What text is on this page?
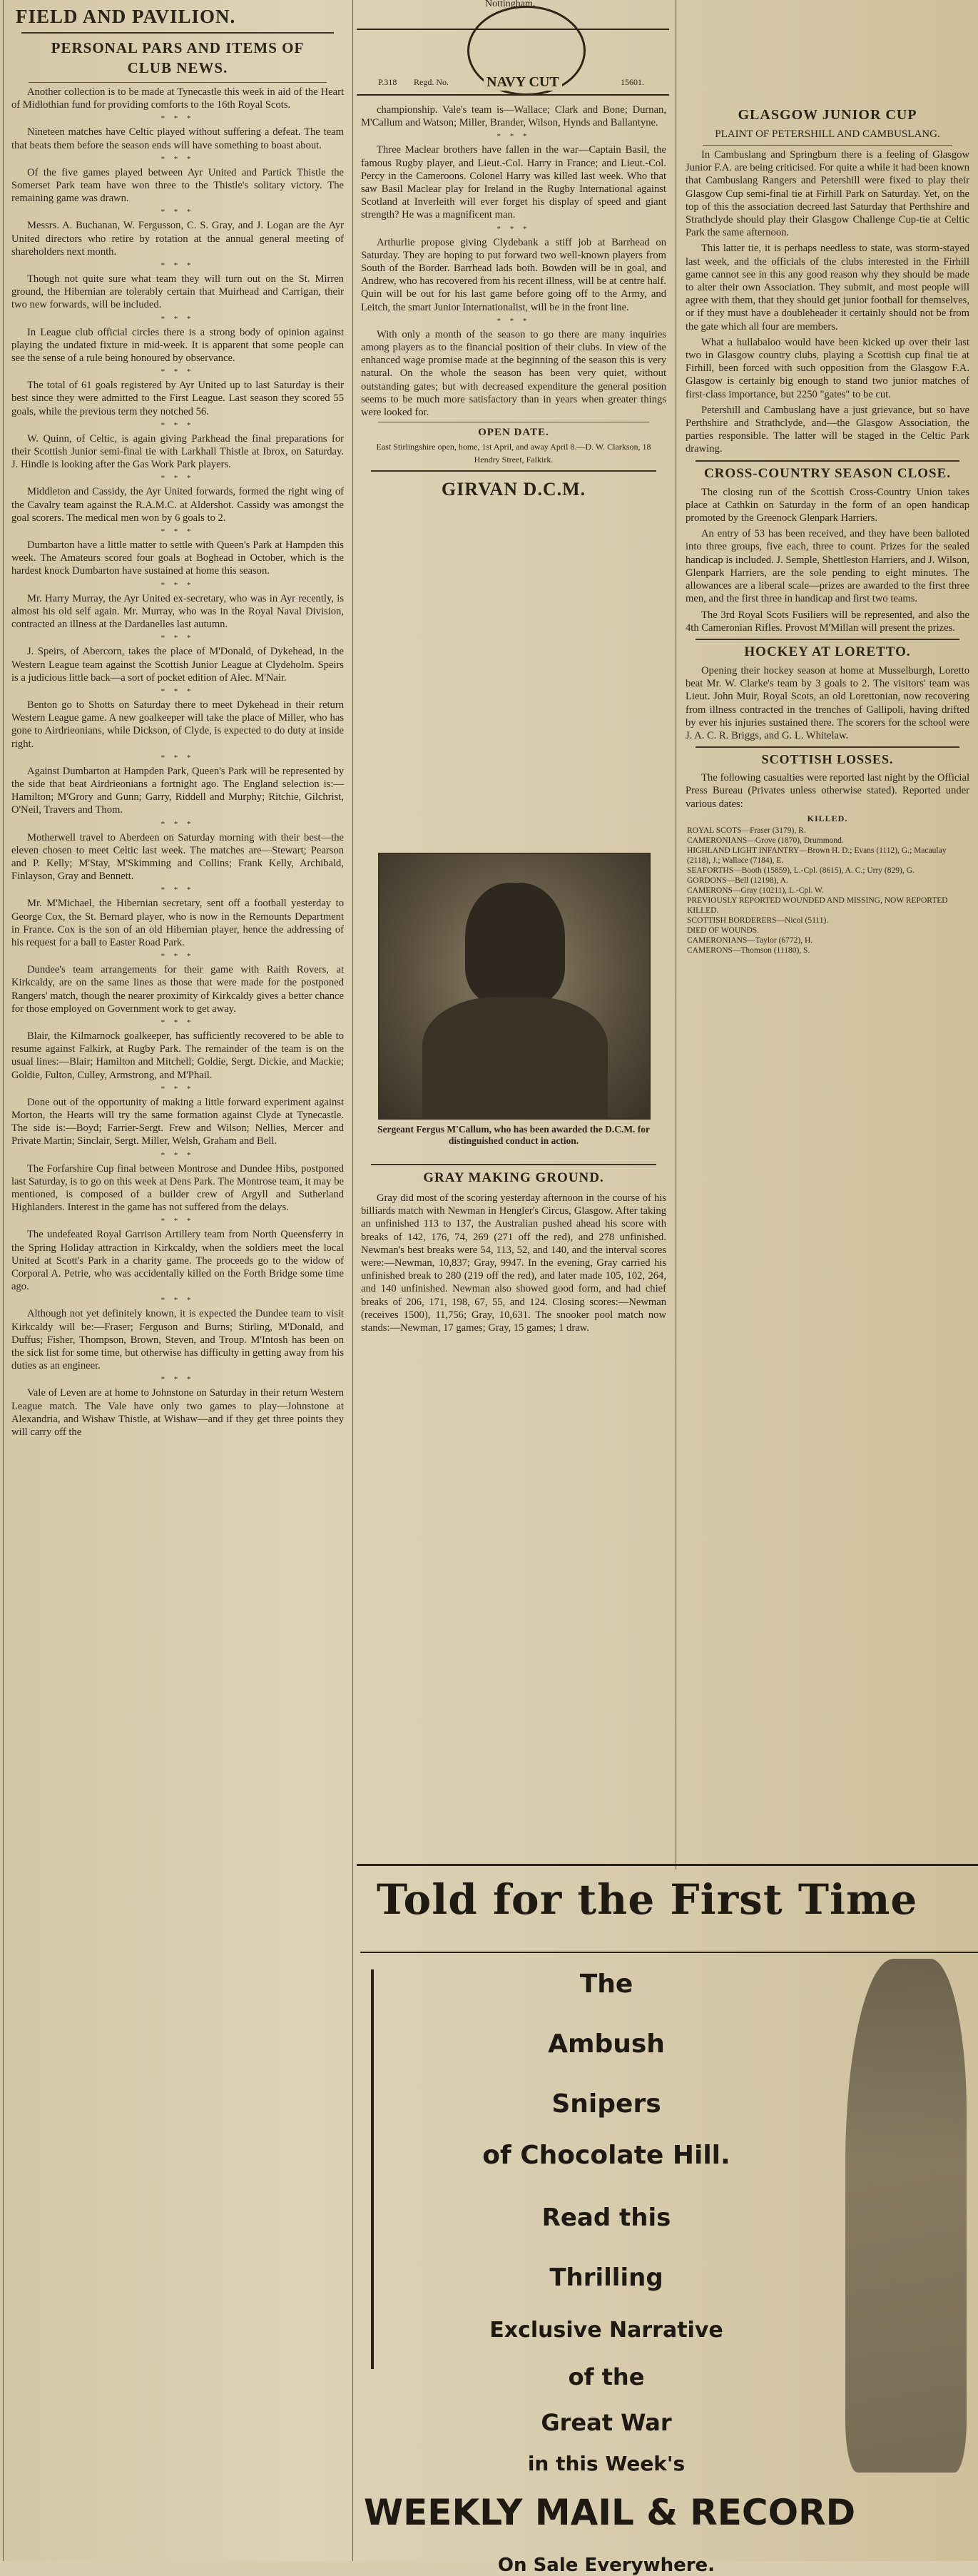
FIELD AND PAVILION.
PERSONAL PARS AND ITEMS OF CLUB NEWS.
Another collection is to be made at Tynecastle this week in aid of the Heart of Midlothian fund for providing comforts to the 16th Royal Scots.
* * *
Nineteen matches have Celtic played without suffering a defeat. The team that beats them before the season ends will have something to boast about.
* * *
Of the five games played between Ayr United and Partick Thistle the Somerset Park team have won three to the Thistle's solitary victory. The remaining game was drawn.
* * *
Messrs. A. Buchanan, W. Fergusson, C. S. Gray, and J. Logan are the Ayr United directors who retire by rotation at the annual general meeting of shareholders next month.
* * *
Though not quite sure what team they will turn out on the St. Mirren ground, the Hibernian are tolerably certain that Muirhead and Carrigan, their two new forwards, will be included.
* * *
In League club official circles there is a strong body of opinion against playing the undated fixture in mid-week. It is apparent that some people can see the sense of a rule being honoured by observance.
* * *
The total of 61 goals registered by Ayr United up to last Saturday is their best since they were admitted to the First League. Last season they scored 55 goals, while the previous term they notched 56.
* * *
W. Quinn, of Celtic, is again giving Parkhead the final preparations for their Scottish Junior semi-final tie with Larkhall Thistle at Ibrox, on Saturday. J. Hindle is looking after the Gas Work Park players.
* * *
Middleton and Cassidy, the Ayr United forwards, formed the right wing of the Cavalry team against the R.A.M.C. at Aldershot. Cassidy was amongst the goal scorers. The medical men won by 6 goals to 2.
* * *
Dumbarton have a little matter to settle with Queen's Park at Hampden this week. The Amateurs scored four goals at Boghead in October, which is the hardest knock Dumbarton have sustained at home this season.
* * *
Mr. Harry Murray, the Ayr United ex-secretary, who was in Ayr recently, is almost his old self again. Mr. Murray, who was in the Royal Naval Division, contracted an illness at the Dardanelles last autumn.
* * *
J. Speirs, of Abercorn, takes the place of M'Donald, of Dykehead, in the Western League team against the Scottish Junior League at Clydeholm. Speirs is a judicious little back—a sort of pocket edition of Alec. M'Nair.
* * *
Benton go to Shotts on Saturday there to meet Dykehead in their return Western League game. A new goalkeeper will take the place of Miller, who has gone to Airdrieonians, while Dickson, of Clyde, is expected to do duty at inside right.
* * *
Against Dumbarton at Hampden Park, Queen's Park will be represented by the side that beat Airdrieonians a fortnight ago. The England selection is:—Hamilton; M'Grory and Gunn; Garry, Riddell and Murphy; Ritchie, Gilchrist, O'Neil, Travers and Thom.
* * *
Motherwell travel to Aberdeen on Saturday morning with their best—the eleven chosen to meet Celtic last week. The matches are—Stewart; Pearson and P. Kelly; M'Stay, M'Skimming and Collins; Frank Kelly, Archibald, Finlayson, Gray and Bennett.
* * *
Mr. M'Michael, the Hibernian secretary, sent off a football yesterday to George Cox, the St. Bernard player, who is now in the Remounts Department in France. Cox is the son of an old Hibernian player, hence the addressing of his request for a ball to Easter Road Park.
* * *
Dundee's team arrangements for their game with Raith Rovers, at Kirkcaldy, are on the same lines as those that were made for the postponed Rangers' match, though the nearer proximity of Kirkcaldy gives a better chance for those employed on Government work to get away.
* * *
Blair, the Kilmarnock goalkeeper, has sufficiently recovered to be able to resume against Falkirk, at Rugby Park. The remainder of the team is on the usual lines:—Blair; Hamilton and Mitchell; Goldie, Sergt. Dickie, and Mackie; Goldie, Fulton, Culley, Armstrong, and M'Phail.
* * *
Done out of the opportunity of making a little forward experiment against Morton, the Hearts will try the same formation against Clyde at Tynecastle. The side is:—Boyd; Farrier-Sergt. Frew and Wilson; Nellies, Mercer and Private Martin; Sinclair, Sergt. Miller, Welsh, Graham and Bell.
* * *
The Forfarshire Cup final between Montrose and Dundee Hibs, postponed last Saturday, is to go on this week at Dens Park. The Montrose team, it may be mentioned, is composed of a builder crew of Argyll and Sutherland Highlanders. Interest in the game has not suffered from the delays.
* * *
The undefeated Royal Garrison Artillery team from North Queensferry in the Spring Holiday attraction in Kirkcaldy, when the soldiers meet the local United at Scott's Park in a charity game. The proceeds go to the widow of Corporal A. Petrie, who was accidentally killed on the Forth Bridge some time ago.
* * *
Although not yet definitely known, it is expected the Dundee team to visit Kirkcaldy will be:—Fraser; Ferguson and Burns; Stirling, M'Donald, and Duffus; Fisher, Thompson, Brown, Steven, and Troup. M'Intosh has been on the sick list for some time, but otherwise has difficulty in getting away from his duties as an engineer.
* * *
Vale of Leven are at home to Johnstone on Saturday in their return Western League match. The Vale have only two games to play—Johnstone at Alexandria, and Wishaw Thistle, at Wishaw—and if they get three points they will carry off the
Nottingham.
NAVY CUT
P.318 Regd. No.	15601.
championship. Vale's team is—Wallace; Clark and Bone; Durnan, M'Callum and Watson; Miller, Brander, Wilson, Hynds and Ballantyne.
* * *
Three Maclear brothers have fallen in the war—Captain Basil, the famous Rugby player, and Lieut.-Col. Harry in France; and Lieut.-Col. Percy in the Cameroons. Colonel Harry was killed last week. Who that saw Basil Maclear play for Ireland in the Rugby International against Scotland at Inverleith will ever forget his display of speed and giant strength? He was a magnificent man.
* * *
Arthurlie propose giving Clydebank a stiff job at Barrhead on Saturday. They are hoping to put forward two well-known players from South of the Border. Barrhead lads both. Bowden will be in goal, and Andrew, who has recovered from his recent illness, will be at centre half. Quin will be out for his last game before going off to the Army, and Leitch, the smart Junior Internationalist, will be in the front line.
* * *
With only a month of the season to go there are many inquiries among players as to the financial position of their clubs. In view of the enhanced wage promise made at the beginning of the season this is very natural. On the whole the season has been very quiet, without outstanding gates; but with decreased expenditure the general position seems to be much more satisfactory than in years when greater things were looked for.
OPEN DATE.
East Stirlingshire open, home, 1st April, and away April 8.—D. W. Clarkson, 18 Hendry Street, Falkirk.
GIRVAN D.C.M.
Sergeant Fergus M'Callum, who has been awarded the D.C.M. for distinguished conduct in action.
GRAY MAKING GROUND.
Gray did most of the scoring yesterday afternoon in the course of his billiards match with Newman in Hengler's Circus, Glasgow. After taking an unfinished 113 to 137, the Australian pushed ahead his score with breaks of 142, 176, 74, 269 (271 off the red), and 278 unfinished. Newman's best breaks were 54, 113, 52, and 140, and the interval scores were:—Newman, 10,837; Gray, 9947. In the evening, Gray carried his unfinished break to 280 (219 off the red), and later made 105, 102, 264, and 140 unfinished. Newman also showed good form, and had chief breaks of 206, 171, 198, 67, 55, and 124. Closing scores:—Newman (receives 1500), 11,756; Gray, 10,631. The snooker pool match now stands:—Newman, 17 games; Gray, 15 games; 1 draw.
GLASGOW JUNIOR CUP
PLAINT OF PETERSHILL AND CAMBUSLANG.
In Cambuslang and Springburn there is a feeling of Glasgow Junior F.A. are being criticised. For quite a while it had been known that Cambuslang Rangers and Petershill were fixed to play their Glasgow Cup semi-final tie at Firhill Park on Saturday. Yet, on the top of this the association decreed last Saturday that Perthshire and Strathclyde should play their Glasgow Challenge Cup-tie at Celtic Park the same afternoon.
This latter tie, it is perhaps needless to state, was storm-stayed last week, and the officials of the clubs interested in the Firhill game cannot see in this any good reason why they should be made to alter their own Association. They submit, and most people will agree with them, that they should get junior football for themselves, or if they must have a doubleheader it certainly should not be from the gate which all four are members.
What a hullabaloo would have been kicked up over their last two in Glasgow country clubs, playing a Scottish cup final tie at Firhill, been forced with such opposition from the Glasgow F.A. Glasgow is certainly big enough to stand two junior matches of first-class importance, but 2250 "gates" to be cut.
Petershill and Cambuslang have a just grievance, but so have Perthshire and Strathclyde, and—the Glasgow Association, the parties responsible. The latter will be staged in the Celtic Park drawing.
CROSS-COUNTRY SEASON CLOSE.
The closing run of the Scottish Cross-Country Union takes place at Cathkin on Saturday in the form of an open handicap promoted by the Greenock Glenpark Harriers.
An entry of 53 has been received, and they have been balloted into three groups, five each, three to count. Prizes for the sealed handicap is included. J. Semple, Shettleston Harriers, and J. Wilson, Glenpark Harriers, are the sole pending to eight minutes. The allowances are a liberal scale—prizes are awarded to the first three men, and the first three in handicap and first two teams.
The 3rd Royal Scots Fusiliers will be represented, and also the 4th Cameronian Rifles. Provost M'Millan will present the prizes.
HOCKEY AT LORETTO.
Opening their hockey season at home at Musselburgh, Loretto beat Mr. W. Clarke's team by 3 goals to 2. The visitors' team was Lieut. John Muir, Royal Scots, an old Lorettonian, now recovering from illness contracted in the trenches of Gallipoli, having drifted by ever his injuries sustained there. The scorers for the school were J. A. C. R. Briggs, and G. L. Whitelaw.
SCOTTISH LOSSES.
The following casualties were reported last night by the Official Press Bureau (Privates unless otherwise stated). Reported under various dates:
KILLED.
ROYAL SCOTS—Fraser (3179), R.
CAMERONIANS—Grove (1870), Drummond.
HIGHLAND LIGHT INFANTRY—Brown H. D.; Evans (1112), G.; Macaulay (2118), J.; Wallace (7184), E.
SEAFORTHS—Booth (15859), L.-Cpl. (8615), A. C.; Urry (829), G.
GORDONS—Bell (12198), A.
CAMERONS—Gray (10211), L.-Cpl. W.
PREVIOUSLY REPORTED WOUNDED AND MISSING, NOW REPORTED KILLED.
SCOTTISH BORDERERS—Nicol (5111).
DIED OF WOUNDS.
CAMERONIANS—Taylor (6772), H.
CAMERONS—Thomson (11180), S.
Told for the First Time
The
Ambush
Snipers
of Chocolate Hill.
Read this
Thrilling
Exclusive Narrative
of the
Great War
in this Week's
WEEKLY MAIL & RECORD
On Sale Everywhere.
